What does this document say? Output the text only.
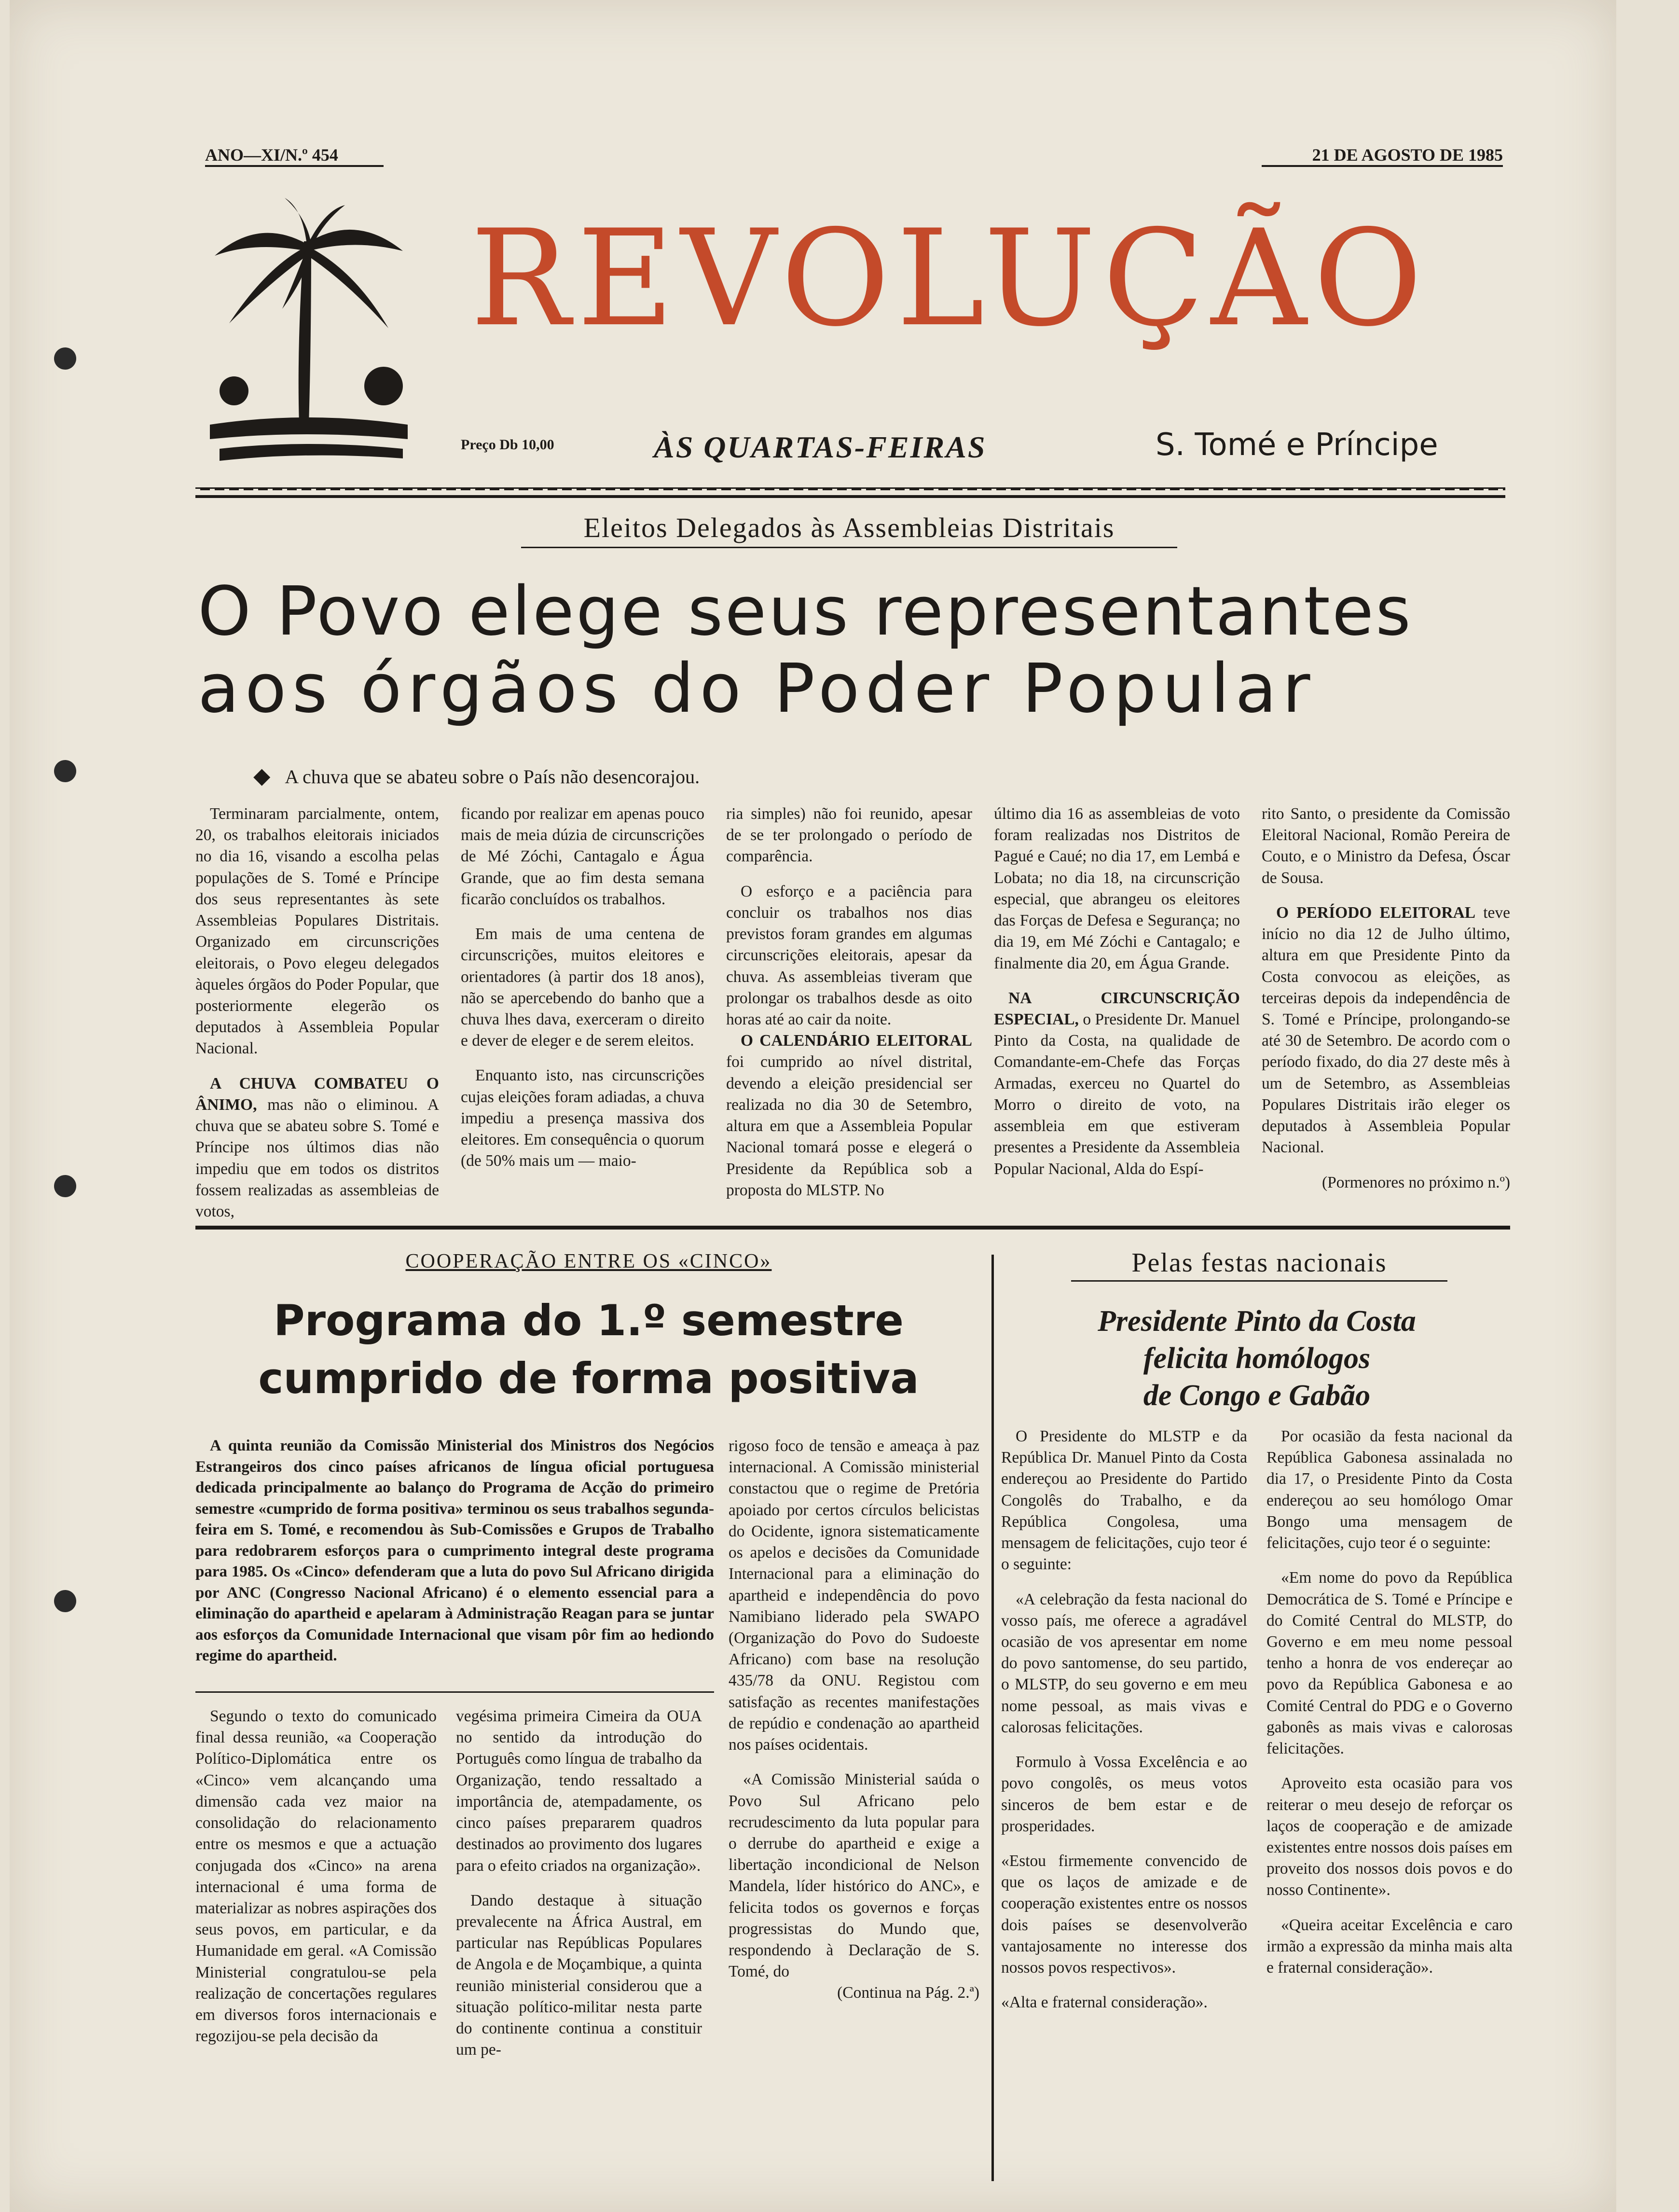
ANO—XI/N.º 454	21 DE AGOSTO DE 1985
REVOLUÇÃO
Preço Db 10,00	ÀS QUARTAS-FEIRAS	S. Tomé e Príncipe
Eleitos Delegados às Assembleias Distritais
O Povo elege seus representantes
aos órgãos do Poder Popular
◆ A chuva que se abateu sobre o País não desencorajou.

Terminaram parcialmente, ontem, 20, os trabalhos eleitorais iniciados no dia 16, visando a escolha pelas populações de S. Tomé e Príncipe dos seus representantes às sete Assembleias Populares Distritais. Organizado em circunscrições eleitorais, o Povo elegeu delegados àqueles órgãos do Poder Popular, que posteriormente elegerão os deputados à Assembleia Popular Nacional.

A CHUVA COMBATEU O ÂNIMO, mas não o eliminou. A chuva que se abateu sobre S. Tomé e Príncipe nos últimos dias não impediu que em todos os distritos fossem realizadas as assembleias de votos,

ficando por realizar em apenas pouco mais de meia dúzia de circunscrições de Mé Zóchi, Cantagalo e Água Grande, que ao fim desta semana ficarão concluídos os trabalhos.

Em mais de uma centena de circunscrições, muitos eleitores e orientadores (à partir dos 18 anos), não se apercebendo do banho que a chuva lhes dava, exerceram o direito e dever de eleger e de serem eleitos.

Enquanto isto, nas circunscrições cujas eleições foram adiadas, a chuva impediu a presença massiva dos eleitores. Em consequência o quorum (de 50% mais um — maio-

ria simples) não foi reunido, apesar de se ter prolongado o período de comparência.

O esforço e a paciência para concluir os trabalhos nos dias previstos foram grandes em algumas circunscrições eleitorais, apesar da chuva. As assembleias tiveram que prolongar os trabalhos desde as oito horas até ao cair da noite.

O CALENDÁRIO ELEITORAL foi cumprido ao nível distrital, devendo a eleição presidencial ser realizada no dia 30 de Setembro, altura em que a Assembleia Popular Nacional tomará posse e elegerá o Presidente da República sob a proposta do MLSTP. No

último dia 16 as assembleias de voto foram realizadas nos Distritos de Pagué e Caué; no dia 17, em Lembá e Lobata; no dia 18, na circunscrição especial, que abrangeu os eleitores das Forças de Defesa e Segurança; no dia 19, em Mé Zóchi e Cantagalo; e finalmente dia 20, em Água Grande.

NA CIRCUNSCRIÇÃO ESPECIAL, o Presidente Dr. Manuel Pinto da Costa, na qualidade de Comandante-em-Chefe das Forças Armadas, exerceu no Quartel do Morro o direito de voto, na assembleia em que estiveram presentes a Presidente da Assembleia Popular Nacional, Alda do Espí-

rito Santo, o presidente da Comissão Eleitoral Nacional, Romão Pereira de Couto, e o Ministro da Defesa, Óscar de Sousa.

O PERÍODO ELEITORAL teve início no dia 12 de Julho último, altura em que Presidente Pinto da Costa convocou as eleições, as terceiras depois da independência de S. Tomé e Príncipe, prolongando-se até 30 de Setembro. De acordo com o período fixado, do dia 27 deste mês à um de Setembro, as Assembleias Populares Distritais irão eleger os deputados à Assembleia Popular Nacional.

(Pormenores no próximo n.º)

COOPERAÇÃO ENTRE OS «CINCO»
Programa do 1.º semestre
cumprido de forma positiva

A quinta reunião da Comissão Ministerial dos Ministros dos Negócios Estrangeiros dos cinco países africanos de língua oficial portuguesa dedicada principalmente ao balanço do Programa de Acção do primeiro semestre «cumprido de forma positiva» terminou os seus trabalhos segunda-feira em S. Tomé, e recomendou às Sub-Comissões e Grupos de Trabalho para redobrarem esforços para o cumprimento integral deste programa para 1985. Os «Cinco» defenderam que a luta do povo Sul Africano dirigida por ANC (Congresso Nacional Africano) é o elemento essencial para a eliminação do apartheid e apelaram à Administração Reagan para se juntar aos esforços da Comunidade Internacional que visam pôr fim ao hediondo regime do apartheid.

Segundo o texto do comunicado final dessa reunião, «a Cooperação Político-Diplomática entre os «Cinco» vem alcançando uma dimensão cada vez maior na consolidação do relacionamento entre os mesmos e que a actuação conjugada dos «Cinco» na arena internacional é uma forma de materializar as nobres aspirações dos seus povos, em particular, e da Humanidade em geral. «A Comissão Ministerial congratulou-se pela realização de concertações regulares em diversos foros internacionais e regozijou-se pela decisão da

vegésima primeira Cimeira da OUA no sentido da introdução do Português como língua de trabalho da Organização, tendo ressaltado a importância de, atempadamente, os cinco países prepararem quadros destinados ao provimento dos lugares para o efeito criados na organização».

Dando destaque à situação prevalecente na África Austral, em particular nas Repúblicas Populares de Angola e de Moçambique, a quinta reunião ministerial considerou que a situação político-militar nesta parte do continente continua a constituir um pe-

rigoso foco de tensão e ameaça à paz internacional. A Comissão ministerial constactou que o regime de Pretória apoiado por certos círculos belicistas do Ocidente, ignora sistematicamente os apelos e decisões da Comunidade Internacional para a eliminação do apartheid e independência do povo Namibiano liderado pela SWAPO (Organização do Povo do Sudoeste Africano) com base na resolução 435/78 da ONU. Registou com satisfação as recentes manifestações de repúdio e condenação ao apartheid nos países ocidentais.

«A Comissão Ministerial saúda o Povo Sul Africano pelo recrudescimento da luta popular para o derrube do apartheid e exige a libertação incondicional de Nelson Mandela, líder histórico do ANC», e felicita todos os governos e forças progressistas do Mundo que, respondendo à Declaração de S. Tomé, do

(Continua na Pág. 2.ª)

Pelas festas nacionais
Presidente Pinto da Costa
felicita homólogos
de Congo e Gabão

O Presidente do MLSTP e da República Dr. Manuel Pinto da Costa endereçou ao Presidente do Partido Congolês do Trabalho, e da República Congolesa, uma mensagem de felicitações, cujo teor é o seguinte:

«A celebração da festa nacional do vosso país, me oferece a agradável ocasião de vos apresentar em nome do povo santomense, do seu partido, o MLSTP, do seu governo e em meu nome pessoal, as mais vivas e calorosas felicitações.

Formulo à Vossa Excelência e ao povo congolês, os meus votos sinceros de bem estar e de prosperidades.

«Estou firmemente convencido de que os laços de amizade e de cooperação existentes entre os nossos dois países se desenvolverão vantajosamente no interesse dos nossos povos respectivos».

«Alta e fraternal consideração».

Por ocasião da festa nacional da República Gabonesa assinalada no dia 17, o Presidente Pinto da Costa endereçou ao seu homólogo Omar Bongo uma mensagem de felicitações, cujo teor é o seguinte:

«Em nome do povo da República Democrática de S. Tomé e Príncipe e do Comité Central do MLSTP, do Governo e em meu nome pessoal tenho a honra de vos endereçar ao povo da República Gabonesa e ao Comité Central do PDG e o Governo gabonês as mais vivas e calorosas felicitações.

Aproveito esta ocasião para vos reiterar o meu desejo de reforçar os laços de cooperação e de amizade existentes entre nossos dois países em proveito dos nossos dois povos e do nosso Continente».

«Queira aceitar Excelência e caro irmão a expressão da minha mais alta e fraternal consideração».
